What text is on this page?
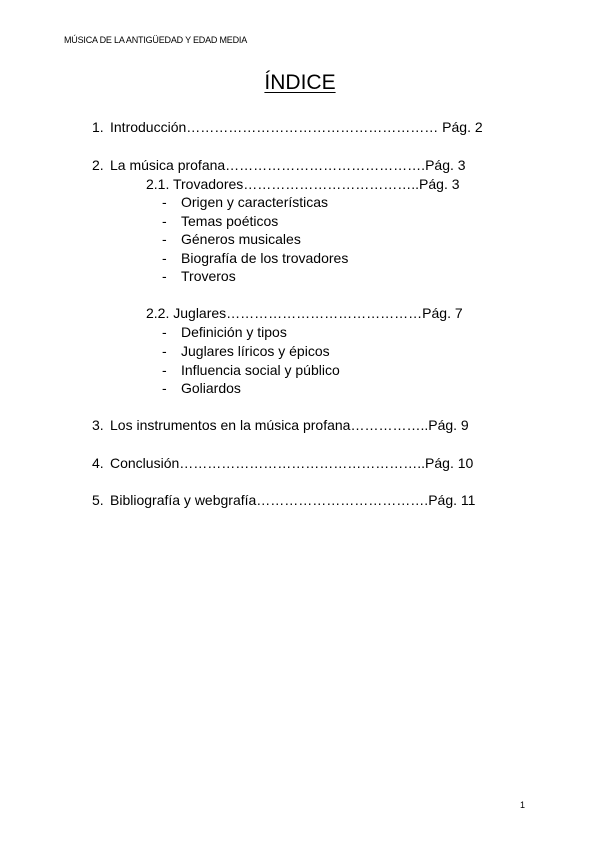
MÚSICA DE LA ANTIGÜEDAD Y EDAD MEDIA
ÍNDICE
1. Introducción……………………………………………… Pág. 2
2. La música profana…………………………………….Pág. 3
2.1. Trovadores………………………………..Pág. 3
- Origen y características
- Temas poéticos
- Géneros musicales
- Biografía de los trovadores
- Troveros
2.2. Juglares……………………………………Pág. 7
- Definición y tipos
- Juglares líricos y épicos
- Influencia social y público
- Goliardos
3. Los instrumentos en la música profana……………..Pág. 9
4. Conclusión……………………………………………..Pág. 10
5. Bibliografía y webgrafía……………………………….Pág. 11
1
